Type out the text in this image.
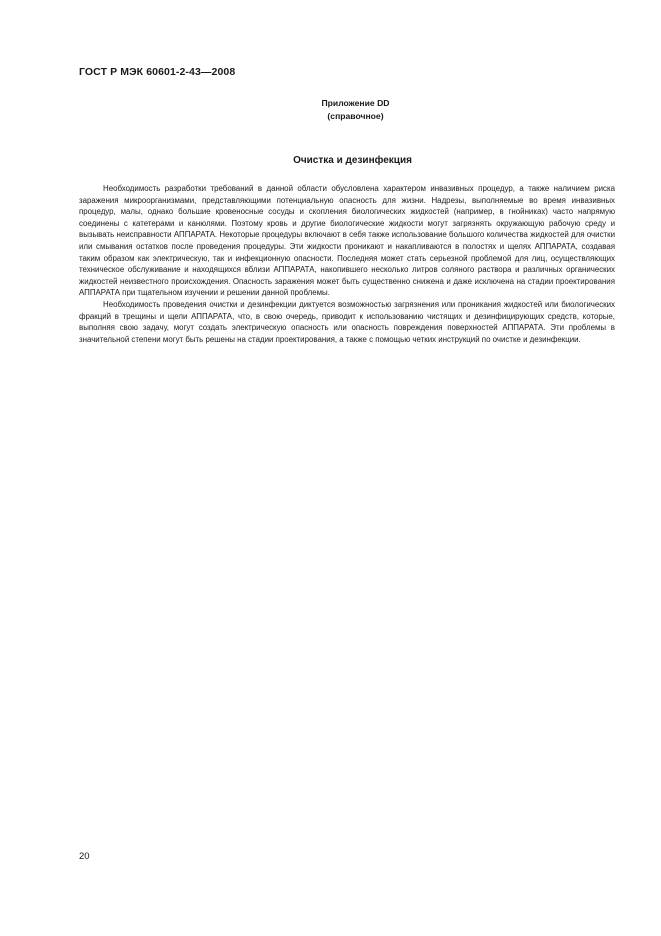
ГОСТ Р МЭК 60601-2-43—2008
Приложение DD
(справочное)
Очистка и дезинфекция

Необходимость разработки требований в данной области обусловлена характером инвазивных процедур, а также наличием риска заражения микроорганизмами, представляющими потенциальную опасность для жизни. Надрезы, выполняемые во время инвазивных процедур, малы, однако большие кровеносные сосуды и скопления биологических жидкостей (например, в гнойниках) часто напрямую соединены с катетерами и канюлями. Поэтому кровь и другие биологические жидкости могут загрязнять окружающую рабочую среду и вызывать неисправности АППАРАТА. Некоторые процедуры включают в себя также использование большого количества жидкостей для очистки или смывания остатков после проведения процедуры. Эти жидкости проникают и накапливаются в полостях и щелях АППАРАТА, создавая таким образом как электрическую, так и инфекционную опасности. Последняя может стать серьезной проблемой для лиц, осуществляющих техническое обслуживание и находящихся вблизи АППАРАТА, накопившего несколько литров соляного раствора и различных органических жидкостей неизвестного происхождения. Опасность заражения может быть существенно снижена и даже исключена на стадии проектирования АППАРАТА при тщательном изучении и решении данной проблемы.

Необходимость проведения очистки и дезинфекции диктуется возможностью загрязнения или проникания жидкостей или биологических фракций в трещины и щели АППАРАТА, что, в свою очередь, приводит к использованию чистящих и дезинфицирующих средств, которые, выполняя свою задачу, могут создать электрическую опасность или опасность повреждения поверхностей АППАРАТА. Эти проблемы в значительной степени могут быть решены на стадии проектирования, а также с помощью четких инструкций по очистке и дезинфекции.

20
